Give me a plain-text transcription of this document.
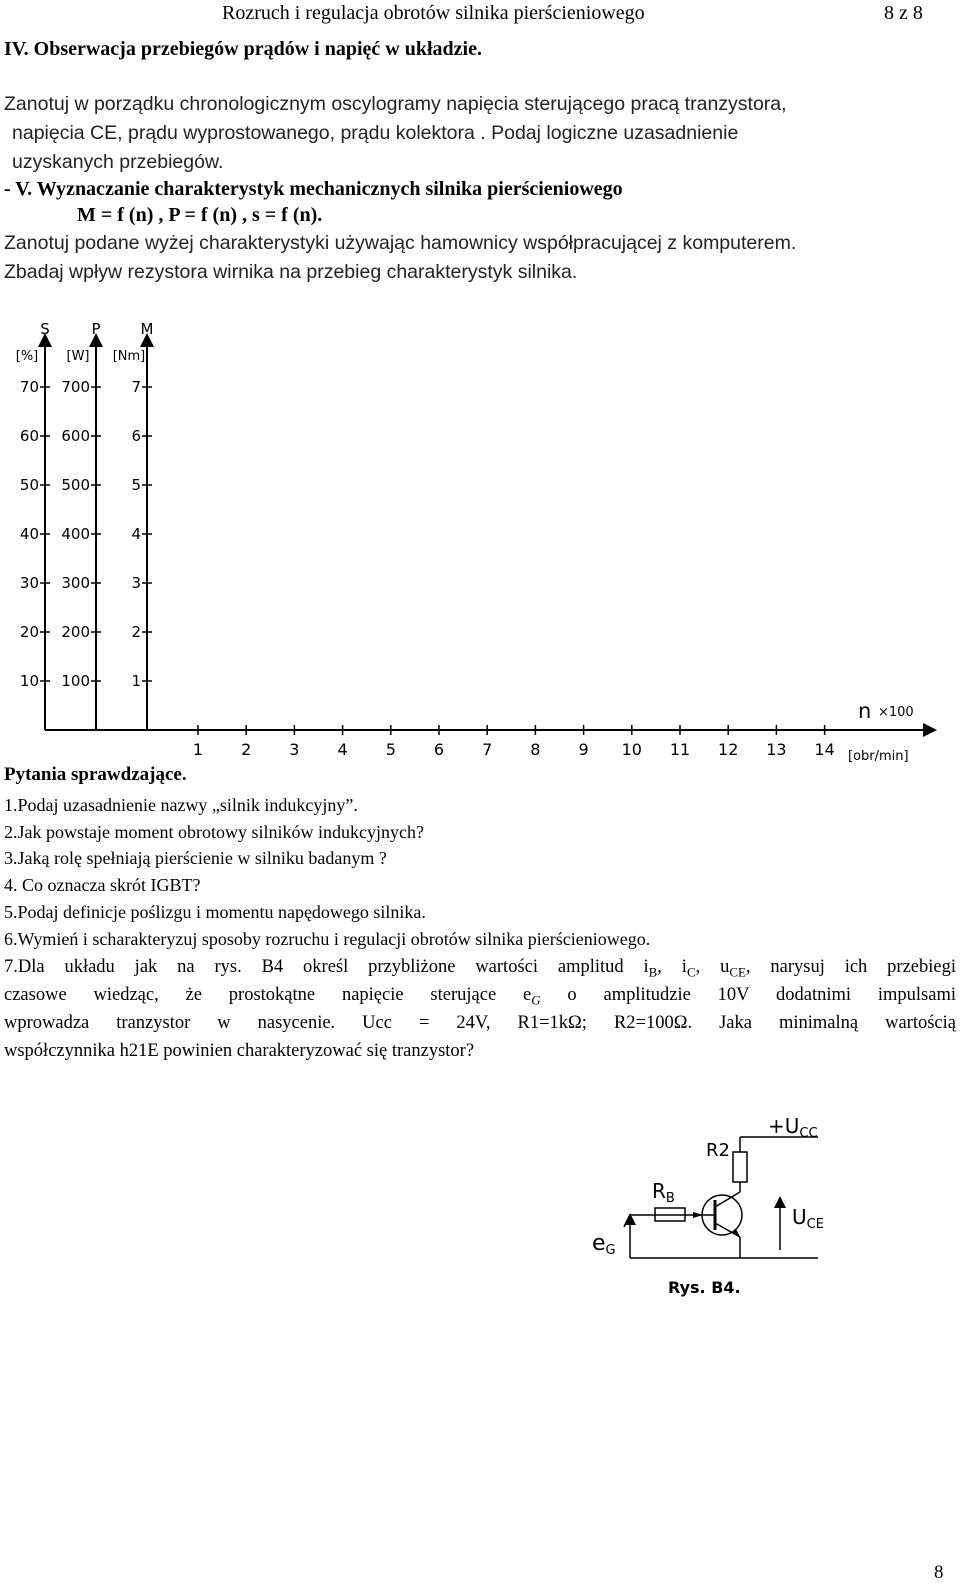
Rozruch i regulacja obrotów silnika pierścieniowego	8 z 8
IV. Obserwacja przebiegów prądów i napięć w układzie.
Zanotuj w porządku chronologicznym oscylogramy napięcia sterującego pracą tranzystora,
napięcia CE, prądu wyprostowanego, prądu kolektora . Podaj logiczne uzasadnienie
uzyskanych przebiegów.
- V. Wyznaczanie charakterystyk mechanicznych silnika pierścieniowego
M = f (n) , P = f (n) , s = f (n).
Zanotuj podane wyżej charakterystyki używając hamownicy współpracującej z komputerem.
Zbadaj wpływ rezystora wirnika na przebieg charakterystyk silnika.
S
[%]
10
20
30
40
50
60
70
P
[W]
100
200
300
400
500
600
700
M
[Nm]
1
2
3
4
5
6
7
1 2 3 4 5 6 7 8 9 10 11 12 13 14
n ×100
[obr/min]
Pytania sprawdzające.
1.Podaj uzasadnienie nazwy „silnik indukcyjny”.
2.Jak powstaje moment obrotowy silników indukcyjnych?
3.Jaką rolę spełniają pierścienie w silniku badanym ?
4. Co oznacza skrót IGBT?
5.Podaj definicje poślizgu i momentu napędowego silnika.
6.Wymień i scharakteryzuj sposoby rozruchu i regulacji obrotów silnika pierścieniowego.
7.Dla układu jak na rys. B4 określ przybliżone wartości amplitud $i_B$, $i_C$, $u_{CE}$, narysuj ich przebiegi
czasowe wiedząc, że prostokątne napięcie sterujące $e_G$ o amplitudzie 10V dodatnimi impulsami
wprowadza tranzystor w nasycenie. Ucc = 24V, R1=1kΩ; R2=100Ω. Jaka minimalną wartością
współczynnika h21E powinien charakteryzować się tranzystor?
$+U_{CC}$
R2
$R_B$
$U_{CE}$
eG
Rys. B4.
8
